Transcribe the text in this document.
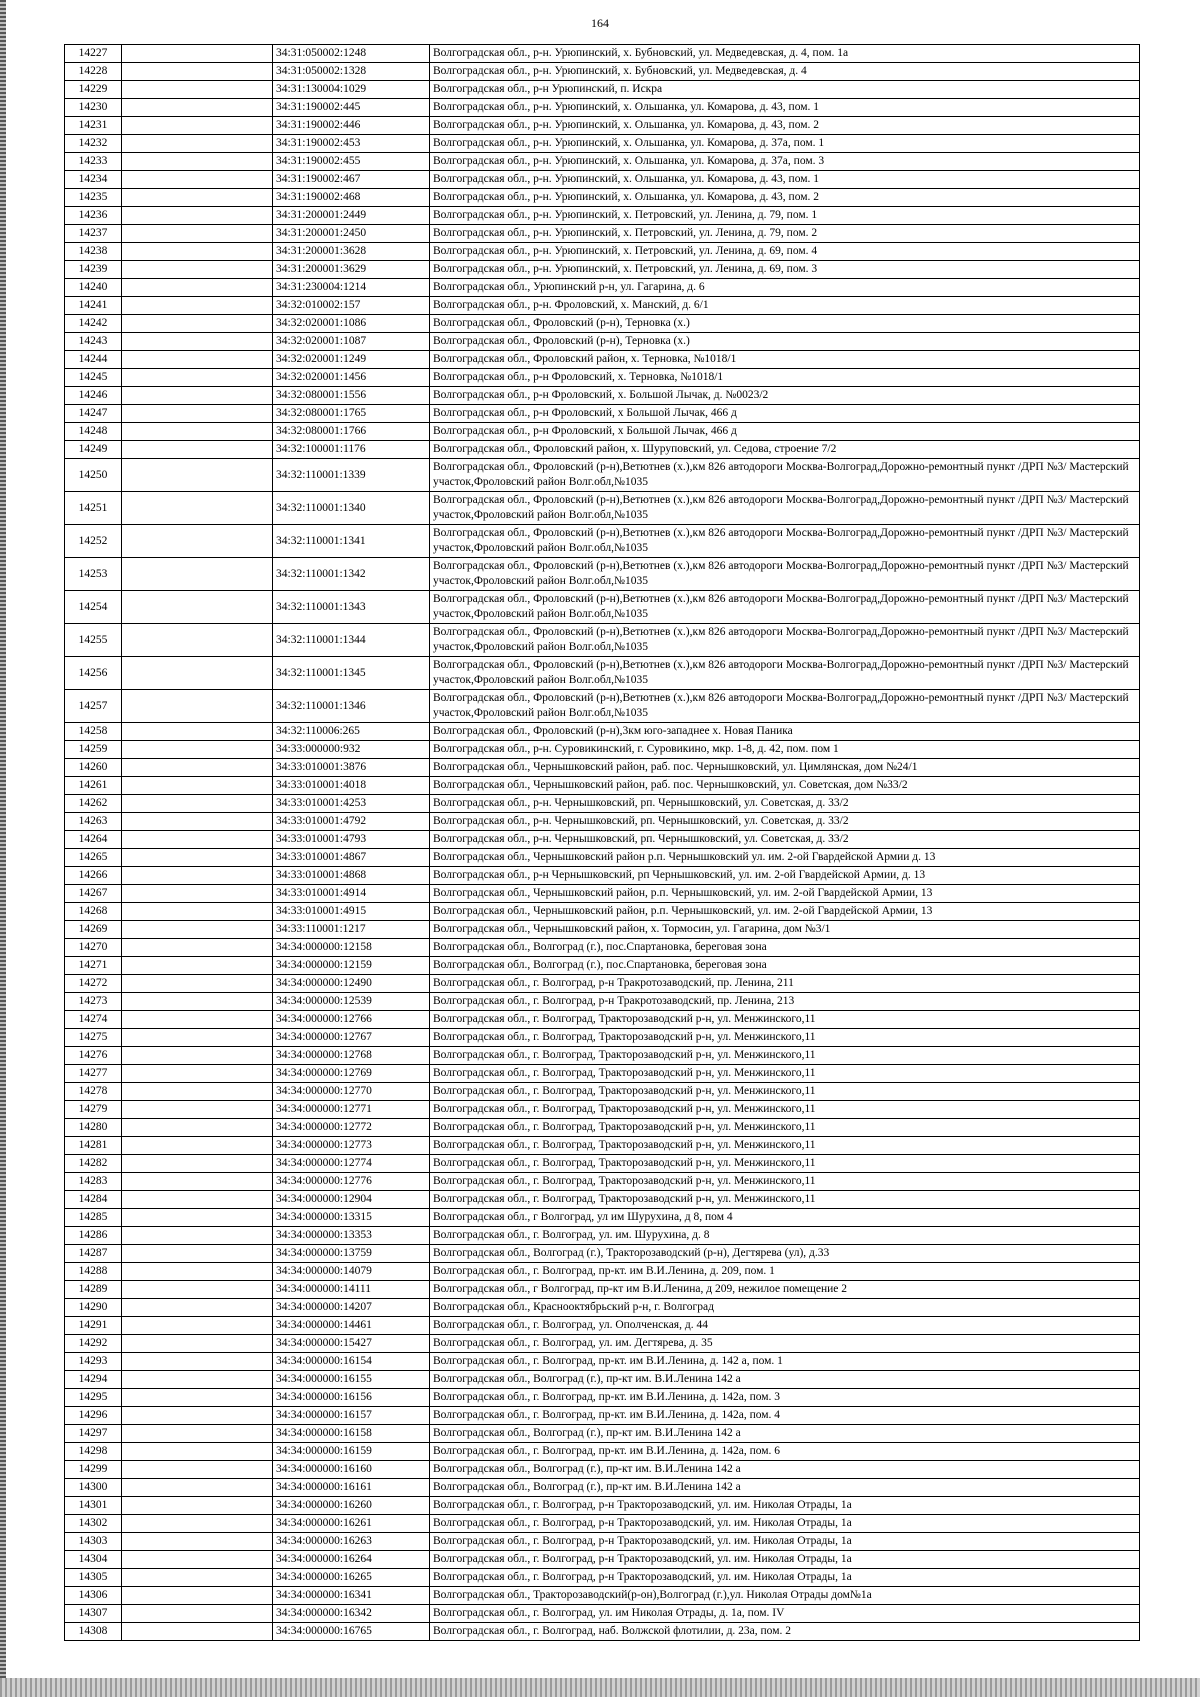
164
14227		34:31:050002:1248	Волгоградская обл., р-н. Урюпинский, х. Бубновский, ул. Медведевская, д. 4, пом. 1а
14228		34:31:050002:1328	Волгоградская обл., р-н. Урюпинский, х. Бубновский, ул. Медведевская, д. 4
14229		34:31:130004:1029	Волгоградская обл., р-н Урюпинский, п. Искра
14230		34:31:190002:445	Волгоградская обл., р-н. Урюпинский, х. Ольшанка, ул. Комарова, д. 43, пом. 1
14231		34:31:190002:446	Волгоградская обл., р-н. Урюпинский, х. Ольшанка, ул. Комарова, д. 43, пом. 2
14232		34:31:190002:453	Волгоградская обл., р-н. Урюпинский, х. Ольшанка, ул. Комарова, д. 37а, пом. 1
14233		34:31:190002:455	Волгоградская обл., р-н. Урюпинский, х. Ольшанка, ул. Комарова, д. 37а, пом. 3
14234		34:31:190002:467	Волгоградская обл., р-н. Урюпинский, х. Ольшанка, ул. Комарова, д. 43, пом. 1
14235		34:31:190002:468	Волгоградская обл., р-н. Урюпинский, х. Ольшанка, ул. Комарова, д. 43, пом. 2
14236		34:31:200001:2449	Волгоградская обл., р-н. Урюпинский, х. Петровский, ул. Ленина, д. 79, пом. 1
14237		34:31:200001:2450	Волгоградская обл., р-н. Урюпинский, х. Петровский, ул. Ленина, д. 79, пом. 2
14238		34:31:200001:3628	Волгоградская обл., р-н. Урюпинский, х. Петровский, ул. Ленина, д. 69, пом. 4
14239		34:31:200001:3629	Волгоградская обл., р-н. Урюпинский, х. Петровский, ул. Ленина, д. 69, пом. 3
14240		34:31:230004:1214	Волгоградская обл., Урюпинский р-н, ул. Гагарина, д. 6
14241		34:32:010002:157	Волгоградская обл., р-н. Фроловский, х. Манский, д. 6/1
14242		34:32:020001:1086	Волгоградская обл., Фроловский (р-н), Терновка (х.)
14243		34:32:020001:1087	Волгоградская обл., Фроловский (р-н), Терновка (х.)
14244		34:32:020001:1249	Волгоградская обл., Фроловский район, х. Терновка, №1018/1
14245		34:32:020001:1456	Волгоградская обл., р-н Фроловский, х. Терновка, №1018/1
14246		34:32:080001:1556	Волгоградская обл., р-н Фроловский, х. Большой Лычак, д. №0023/2
14247		34:32:080001:1765	Волгоградская обл., р-н Фроловский, х Большой Лычак, 466 д
14248		34:32:080001:1766	Волгоградская обл., р-н Фроловский, х Большой Лычак, 466 д
14249		34:32:100001:1176	Волгоградская обл., Фроловский район, х. Шуруповский, ул. Седова, строение 7/2
14250		34:32:110001:1339	Волгоградская обл., Фроловский (р-н),Ветютнев (х.),км 826 автодороги Москва-Волгоград,Дорожно-ремонтный пункт /ДРП №3/ Мастерский участок,Фроловский район Волг.обл,№1035
14251		34:32:110001:1340	Волгоградская обл., Фроловский (р-н),Ветютнев (х.),км 826 автодороги Москва-Волгоград,Дорожно-ремонтный пункт /ДРП №3/ Мастерский участок,Фроловский район Волг.обл,№1035
14252		34:32:110001:1341	Волгоградская обл., Фроловский (р-н),Ветютнев (х.),км 826 автодороги Москва-Волгоград,Дорожно-ремонтный пункт /ДРП №3/ Мастерский участок,Фроловский район Волг.обл,№1035
14253		34:32:110001:1342	Волгоградская обл., Фроловский (р-н),Ветютнев (х.),км 826 автодороги Москва-Волгоград,Дорожно-ремонтный пункт /ДРП №3/ Мастерский участок,Фроловский район Волг.обл,№1035
14254		34:32:110001:1343	Волгоградская обл., Фроловский (р-н),Ветютнев (х.),км 826 автодороги Москва-Волгоград,Дорожно-ремонтный пункт /ДРП №3/ Мастерский участок,Фроловский район Волг.обл,№1035
14255		34:32:110001:1344	Волгоградская обл., Фроловский (р-н),Ветютнев (х.),км 826 автодороги Москва-Волгоград,Дорожно-ремонтный пункт /ДРП №3/ Мастерский участок,Фроловский район Волг.обл,№1035
14256		34:32:110001:1345	Волгоградская обл., Фроловский (р-н),Ветютнев (х.),км 826 автодороги Москва-Волгоград,Дорожно-ремонтный пункт /ДРП №3/ Мастерский участок,Фроловский район Волг.обл,№1035
14257		34:32:110001:1346	Волгоградская обл., Фроловский (р-н),Ветютнев (х.),км 826 автодороги Москва-Волгоград,Дорожно-ремонтный пункт /ДРП №3/ Мастерский участок,Фроловский район Волг.обл,№1035
14258		34:32:110006:265	Волгоградская обл., Фроловский (р-н),3км юго-западнее х. Новая Паника
14259		34:33:000000:932	Волгоградская обл., р-н. Суровикинский, г. Суровикино, мкр. 1-8, д. 42, пом. пом 1
14260		34:33:010001:3876	Волгоградская обл., Чернышковский район, раб. пос. Чернышковский, ул. Цимлянская, дом №24/1
14261		34:33:010001:4018	Волгоградская обл., Чернышковский район, раб. пос. Чернышковский, ул. Советская, дом №33/2
14262		34:33:010001:4253	Волгоградская обл., р-н. Чернышковский, рп. Чернышковский, ул. Советская, д. 33/2
14263		34:33:010001:4792	Волгоградская обл., р-н. Чернышковский, рп. Чернышковский, ул. Советская, д. 33/2
14264		34:33:010001:4793	Волгоградская обл., р-н. Чернышковский, рп. Чернышковский, ул. Советская, д. 33/2
14265		34:33:010001:4867	Волгоградская обл., Чернышковский район р.п. Чернышковский ул. им. 2-ой Гвардейской Армии д. 13
14266		34:33:010001:4868	Волгоградская обл., р-н Чернышковский, рп Чернышковский, ул. им. 2-ой Гвардейской Армии, д. 13
14267		34:33:010001:4914	Волгоградская обл., Чернышковский район, р.п. Чернышковский, ул. им. 2-ой Гвардейской Армии, 13
14268		34:33:010001:4915	Волгоградская обл., Чернышковский район, р.п. Чернышковский, ул. им. 2-ой Гвардейской Армии, 13
14269		34:33:110001:1217	Волгоградская обл., Чернышковский район, х. Тормосин, ул. Гагарина, дом №3/1
14270		34:34:000000:12158	Волгоградская обл., Волгоград (г.), пос.Спартановка, береговая зона
14271		34:34:000000:12159	Волгоградская обл., Волгоград (г.), пос.Спартановка, береговая зона
14272		34:34:000000:12490	Волгоградская обл., г. Волгоград, р-н Тракротозаводский, пр. Ленина, 211
14273		34:34:000000:12539	Волгоградская обл., г. Волгоград, р-н Тракротозаводский, пр. Ленина, 213
14274		34:34:000000:12766	Волгоградская обл., г. Волгоград, Тракторозаводский р-н, ул. Менжинского,11
14275		34:34:000000:12767	Волгоградская обл., г. Волгоград, Тракторозаводский р-н, ул. Менжинского,11
14276		34:34:000000:12768	Волгоградская обл., г. Волгоград, Тракторозаводский р-н, ул. Менжинского,11
14277		34:34:000000:12769	Волгоградская обл., г. Волгоград, Тракторозаводский р-н, ул. Менжинского,11
14278		34:34:000000:12770	Волгоградская обл., г. Волгоград, Тракторозаводский р-н, ул. Менжинского,11
14279		34:34:000000:12771	Волгоградская обл., г. Волгоград, Тракторозаводский р-н, ул. Менжинского,11
14280		34:34:000000:12772	Волгоградская обл., г. Волгоград, Тракторозаводский р-н, ул. Менжинского,11
14281		34:34:000000:12773	Волгоградская обл., г. Волгоград, Тракторозаводский р-н, ул. Менжинского,11
14282		34:34:000000:12774	Волгоградская обл., г. Волгоград, Тракторозаводский р-н, ул. Менжинского,11
14283		34:34:000000:12776	Волгоградская обл., г. Волгоград, Тракторозаводский р-н, ул. Менжинского,11
14284		34:34:000000:12904	Волгоградская обл., г. Волгоград, Тракторозаводский р-н, ул. Менжинского,11
14285		34:34:000000:13315	Волгоградская обл., г Волгоград, ул им Шурухина, д 8, пом 4
14286		34:34:000000:13353	Волгоградская обл., г. Волгоград, ул. им. Шурухина, д. 8
14287		34:34:000000:13759	Волгоградская обл., Волгоград (г.), Тракторозаводский (р-н), Дегтярева (ул), д.33
14288		34:34:000000:14079	Волгоградская обл., г. Волгоград, пр-кт. им В.И.Ленина, д. 209, пом. 1
14289		34:34:000000:14111	Волгоградская обл., г Волгоград, пр-кт им В.И.Ленина, д 209, нежилое помещение 2
14290		34:34:000000:14207	Волгоградская обл., Краснооктябрьский р-н, г. Волгоград
14291		34:34:000000:14461	Волгоградская обл., г. Волгоград, ул. Ополченская, д. 44
14292		34:34:000000:15427	Волгоградская обл., г. Волгоград, ул. им. Дегтярева, д. 35
14293		34:34:000000:16154	Волгоградская обл., г. Волгоград, пр-кт. им В.И.Ленина, д. 142 а, пом. 1
14294		34:34:000000:16155	Волгоградская обл., Волгоград (г.), пр-кт им. В.И.Ленина 142 а
14295		34:34:000000:16156	Волгоградская обл., г. Волгоград, пр-кт. им В.И.Ленина, д. 142а, пом. 3
14296		34:34:000000:16157	Волгоградская обл., г. Волгоград, пр-кт. им В.И.Ленина, д. 142а, пом. 4
14297		34:34:000000:16158	Волгоградская обл., Волгоград (г.), пр-кт им. В.И.Ленина 142 а
14298		34:34:000000:16159	Волгоградская обл., г. Волгоград, пр-кт. им В.И.Ленина, д. 142а, пом. 6
14299		34:34:000000:16160	Волгоградская обл., Волгоград (г.), пр-кт им. В.И.Ленина 142 а
14300		34:34:000000:16161	Волгоградская обл., Волгоград (г.), пр-кт им. В.И.Ленина 142 а
14301		34:34:000000:16260	Волгоградская обл., г. Волгоград, р-н Тракторозаводский, ул. им. Николая Отрады, 1а
14302		34:34:000000:16261	Волгоградская обл., г. Волгоград, р-н Тракторозаводский, ул. им. Николая Отрады, 1а
14303		34:34:000000:16263	Волгоградская обл., г. Волгоград, р-н Тракторозаводский, ул. им. Николая Отрады, 1а
14304		34:34:000000:16264	Волгоградская обл., г. Волгоград, р-н Тракторозаводский, ул. им. Николая Отрады, 1а
14305		34:34:000000:16265	Волгоградская обл., г. Волгоград, р-н Тракторозаводский, ул. им. Николая Отрады, 1а
14306		34:34:000000:16341	Волгоградская обл., Тракторозаводский(р-он),Волгоград (г.),ул. Николая Отрады дом№1а
14307		34:34:000000:16342	Волгоградская обл., г. Волгоград, ул. им Николая Отрады, д. 1а, пом. IV
14308		34:34:000000:16765	Волгоградская обл., г. Волгоград, наб. Волжской флотилии, д. 23а, пом. 2
